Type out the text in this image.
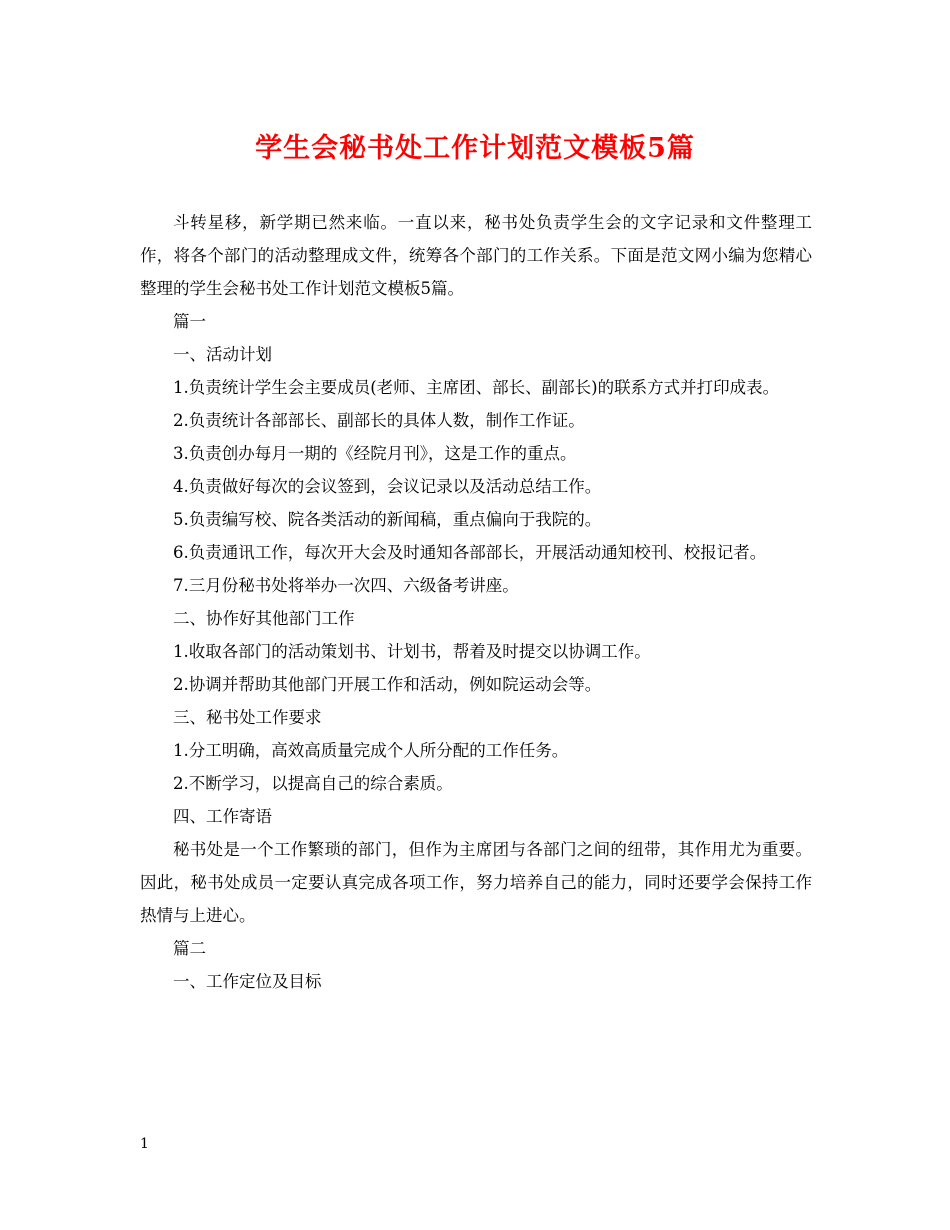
学生会秘书处工作计划范文模板5篇

斗转星移，新学期已然来临。一直以来，秘书处负责学生会的文字记录和文件整理工作，将各个部门的活动整理成文件，统筹各个部门的工作关系。下面是范文网小编为您精心整理的学生会秘书处工作计划范文模板5篇。

篇一

一、活动计划

1.负责统计学生会主要成员(老师、主席团、部长、副部长)的联系方式并打印成表。

2.负责统计各部部长、副部长的具体人数，制作工作证。

3.负责创办每月一期的《经院月刊》，这是工作的重点。

4.负责做好每次的会议签到，会议记录以及活动总结工作。

5.负责编写校、院各类活动的新闻稿，重点偏向于我院的。

6.负责通讯工作，每次开大会及时通知各部部长，开展活动通知校刊、校报记者。

7.三月份秘书处将举办一次四、六级备考讲座。

二、协作好其他部门工作

1.收取各部门的活动策划书、计划书，帮着及时提交以协调工作。

2.协调并帮助其他部门开展工作和活动，例如院运动会等。

三、秘书处工作要求

1.分工明确，高效高质量完成个人所分配的工作任务。

2.不断学习，以提高自己的综合素质。

四、工作寄语

秘书处是一个工作繁琐的部门，但作为主席团与各部门之间的纽带，其作用尤为重要。因此，秘书处成员一定要认真完成各项工作，努力培养自己的能力，同时还要学会保持工作热情与上进心。

篇二

一、工作定位及目标

1
